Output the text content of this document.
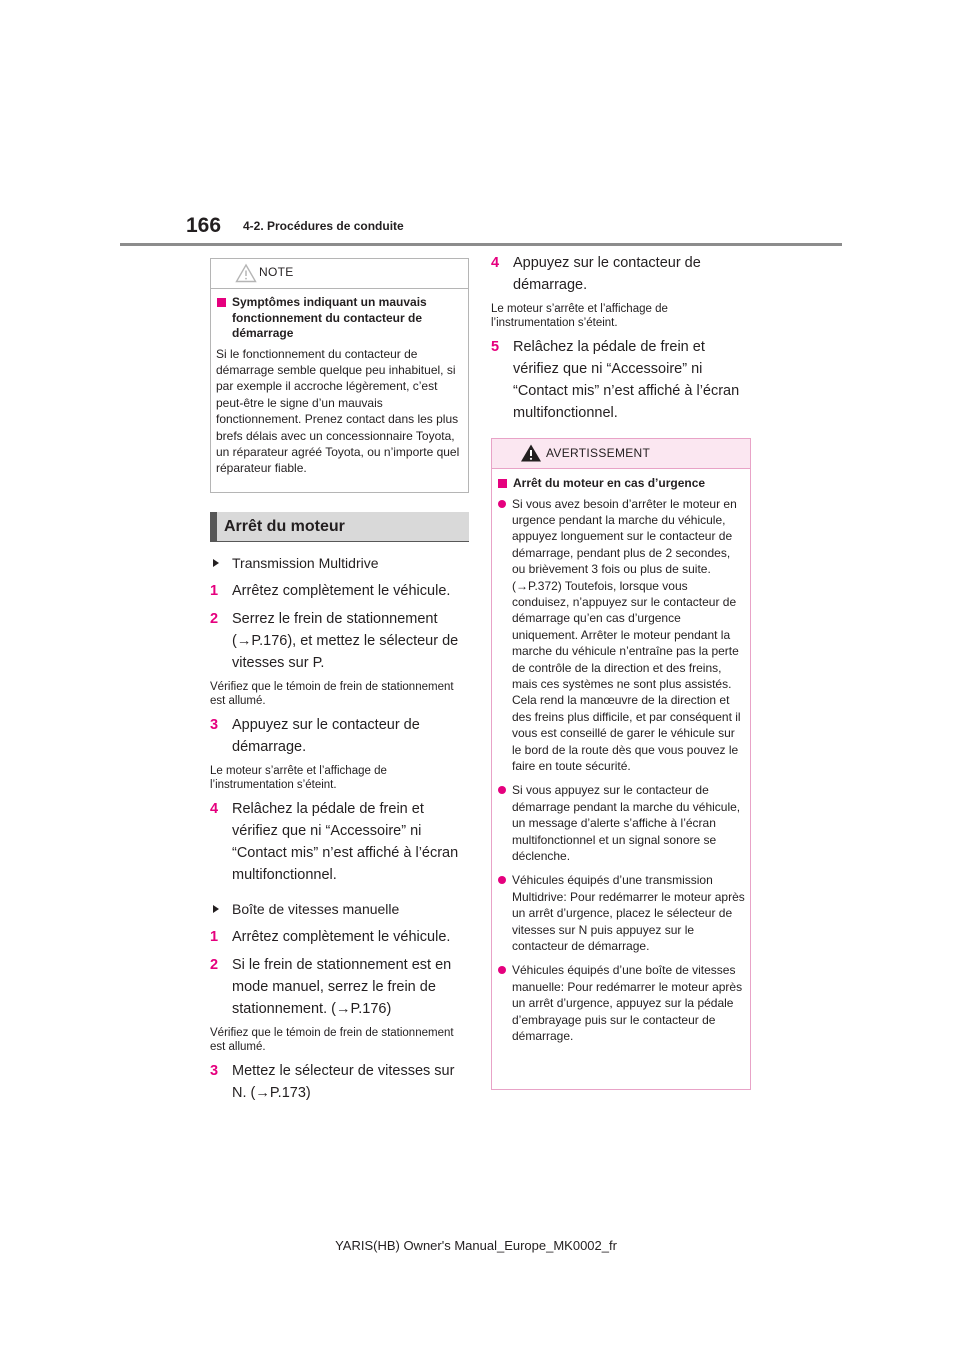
166 4-2. Procédures de conduite
NOTE
Symptômes indiquant un mauvais fonctionnement du contacteur de démarrage
Si le fonctionnement du contacteur de démarrage semble quelque peu inhabituel, si par exemple il accroche légèrement, c’est peut-être le signe d’un mauvais fonctionnement. Prenez contact dans les plus brefs délais avec un concessionnaire Toyota, un réparateur agréé Toyota, ou n’importe quel réparateur fiable.
Arrêt du moteur
Transmission Multidrive
1 Arrêtez complètement le véhicule.
2 Serrez le frein de stationnement (→P.176), et mettez le sélecteur de vitesses sur P.
Vérifiez que le témoin de frein de stationnement est allumé.
3 Appuyez sur le contacteur de démarrage.
Le moteur s’arrête et l’affichage de l’instrumentation s’éteint.
4 Relâchez la pédale de frein et vérifiez que ni “Accessoire” ni “Contact mis” n’est affiché à l’écran multifonctionnel.
Boîte de vitesses manuelle
1 Arrêtez complètement le véhicule.
2 Si le frein de stationnement est en mode manuel, serrez le frein de stationnement. (→P.176)
Vérifiez que le témoin de frein de stationnement est allumé.
3 Mettez le sélecteur de vitesses sur N. (→P.173)
4 Appuyez sur le contacteur de démarrage.
Le moteur s’arrête et l’affichage de l’instrumentation s’éteint.
5 Relâchez la pédale de frein et vérifiez que ni “Accessoire” ni “Contact mis” n’est affiché à l’écran multifonctionnel.
AVERTISSEMENT
Arrêt du moteur en cas d’urgence
Si vous avez besoin d’arrêter le moteur en urgence pendant la marche du véhicule, appuyez longuement sur le contacteur de démarrage, pendant plus de 2 secondes, ou brièvement 3 fois ou plus de suite. (→P.372) Toutefois, lorsque vous conduisez, n’appuyez sur le contacteur de démarrage qu’en cas d’urgence uniquement. Arrêter le moteur pendant la marche du véhicule n’entraîne pas la perte de contrôle de la direction et des freins, mais ces systèmes ne sont plus assistés. Cela rend la manœuvre de la direction et des freins plus difficile, et par conséquent il vous est conseillé de garer le véhicule sur le bord de la route dès que vous pouvez le faire en toute sécurité.
Si vous appuyez sur le contacteur de démarrage pendant la marche du véhicule, un message d’alerte s’affiche à l’écran multifonctionnel et un signal sonore se déclenche.
Véhicules équipés d’une transmission Multidrive: Pour redémarrer le moteur après un arrêt d’urgence, placez le sélecteur de vitesses sur N puis appuyez sur le contacteur de démarrage.
Véhicules équipés d’une boîte de vitesses manuelle: Pour redémarrer le moteur après un arrêt d’urgence, appuyez sur la pédale d’embrayage puis sur le contacteur de démarrage.
YARIS(HB) Owner's Manual_Europe_MK0002_fr
